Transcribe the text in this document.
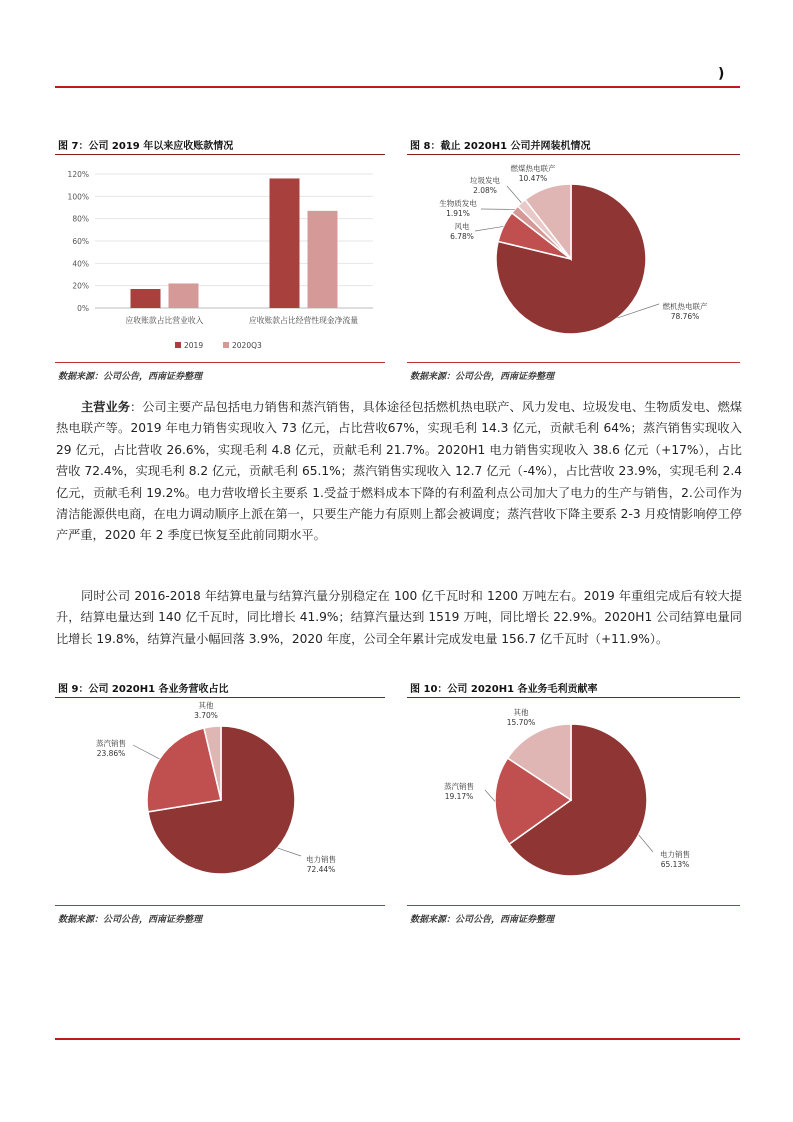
)
图 7：公司 2019 年以来应收账款情况
0%
20%
40%
60%
80%
100%
120%
应收账款占比营业收入	应收账款占比经营性现金净流量
2019	2020Q3
数据来源：公司公告，西南证券整理
图 8：截止 2020H1 公司并网装机情况
燃机热电联产
78.76%
风电
6.78%
生物质发电
1.91%
垃圾发电
2.08%
燃煤热电联产
10.47%
数据来源：公司公告，西南证券整理

主营业务：公司主要产品包括电力销售和蒸汽销售，具体途径包括燃机热电联产、风力发电、垃圾发电、生物质发电、燃煤热电联产等。2019 年电力销售实现收入 73 亿元，占比营收67%，实现毛利 14.3 亿元，贡献毛利 64%；蒸汽销售实现收入 29 亿元，占比营收 26.6%，实现毛利 4.8 亿元，贡献毛利 21.7%。2020H1 电力销售实现收入 38.6 亿元（+17%），占比营收 72.4%，实现毛利 8.2 亿元，贡献毛利 65.1%；蒸汽销售实现收入 12.7 亿元（-4%），占比营收 23.9%，实现毛利 2.4 亿元，贡献毛利 19.2%。电力营收增长主要系 1.受益于燃料成本下降的有利盈利点公司加大了电力的生产与销售，2.公司作为清洁能源供电商，在电力调动顺序上派在第一，只要生产能力有原则上都会被调度；蒸汽营收下降主要系 2-3 月疫情影响停工停产严重，2020 年 2 季度已恢复至此前同期水平。

同时公司 2016-2018 年结算电量与结算汽量分别稳定在 100 亿千瓦时和 1200 万吨左右。2019 年重组完成后有较大提升，结算电量达到 140 亿千瓦时，同比增长 41.9%；结算汽量达到 1519 万吨，同比增长 22.9%。2020H1 公司结算电量同比增长 19.8%，结算汽量小幅回落 3.9%，2020 年度，公司全年累计完成发电量 156.7 亿千瓦时（+11.9%）。

图 9：公司 2020H1 各业务营收占比
电力销售
72.44%
蒸汽销售
23.86%
其他
3.70%
数据来源：公司公告，西南证券整理
图 10：公司 2020H1 各业务毛利贡献率
电力销售
65.13%
蒸汽销售
19.17%
其他
15.70%
数据来源：公司公告，西南证券整理
